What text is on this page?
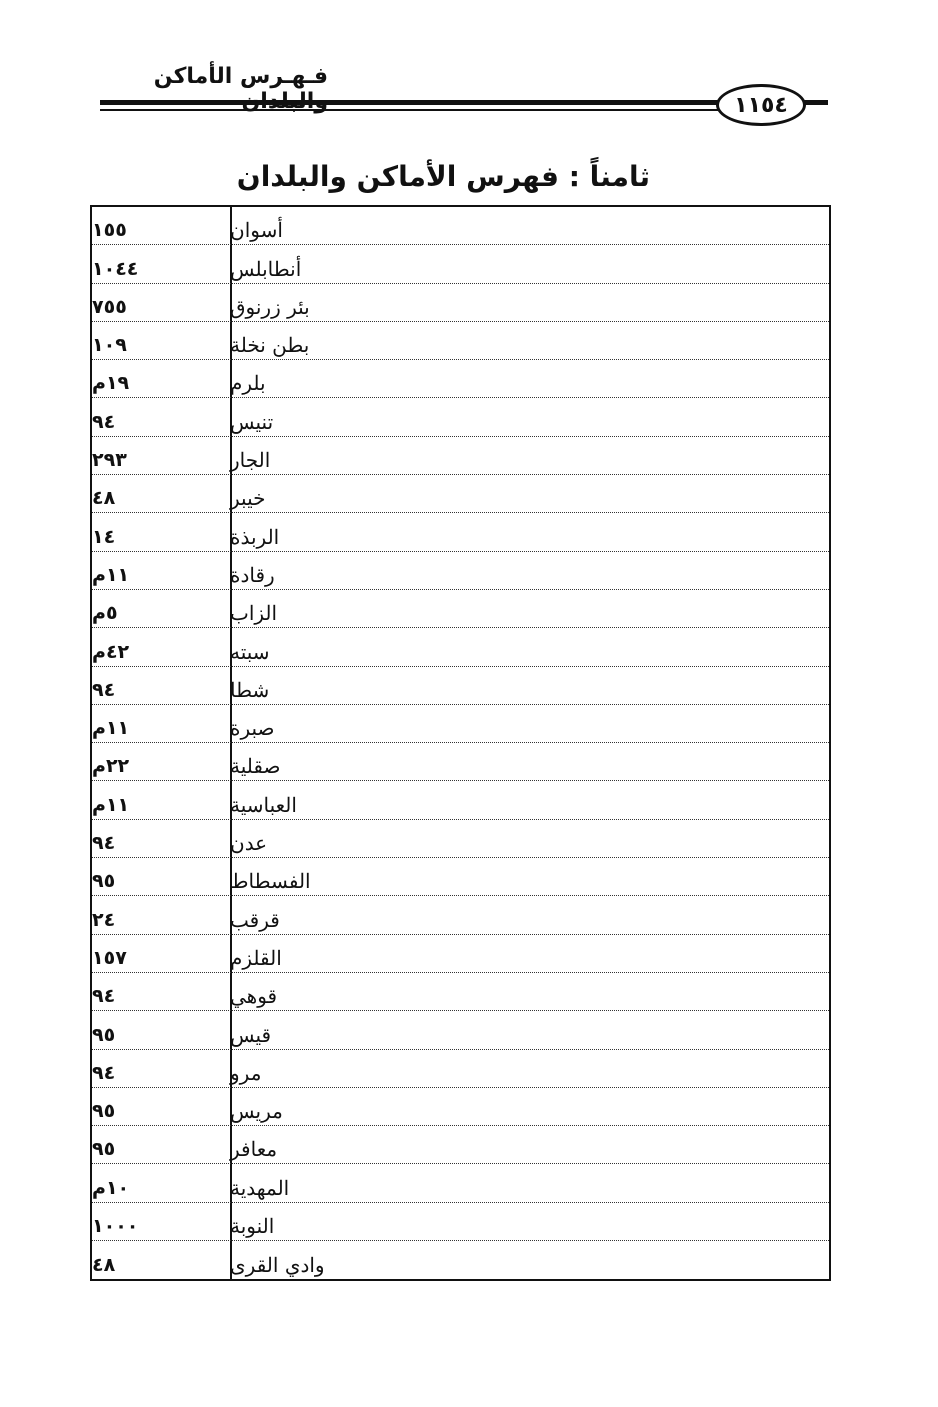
فـهـرس الأماكن
١١٥٤
ثامناً : فهرس الأماكن والبلدان
١٥٥	أسوان
١٠٤٤	أنطابلس
٧٥٥	بئر زرنوق
١٠٩	بطن نخلة
١٩م	بلرم
٩٤	تنيس
٢٩٣	الجار
٤٨	خيبر
١٤	الربذة
١١م	رقادة
٥م	الزاب
٤٢م	سبته
٩٤	شطا
١١م	صبرة
٢٢م	صقلية
١١م	العباسية
٩٤	عدن
٩٥	الفسطاط
٢٤	قرقب
١٥٧	القلزم
٩٤	قوهي
٩٥	قيس
٩٤	مرو
٩٥	مريس
٩٥	معافر
١٠م	المهدية
١٠٠٠	النوبة
٤٨	وادي القرى
